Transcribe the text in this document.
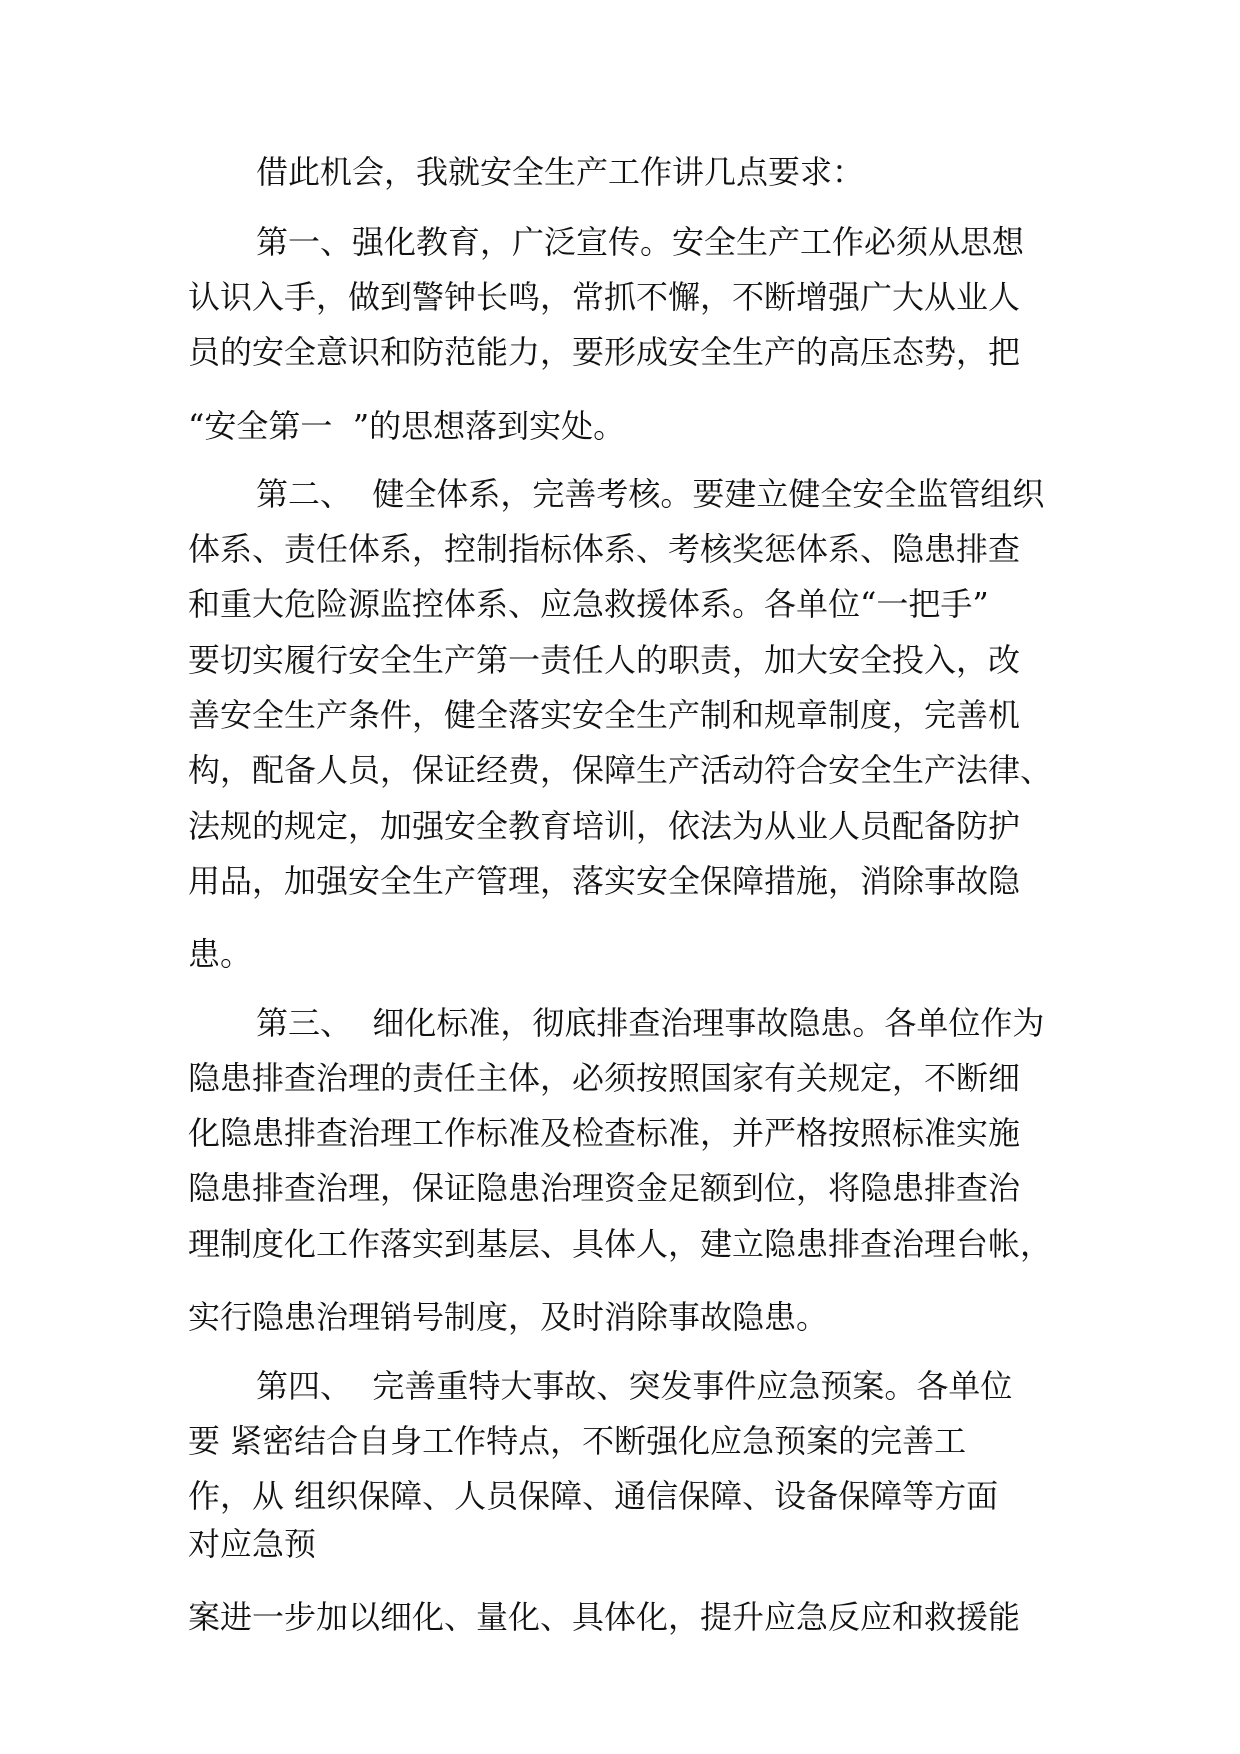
借此机会，我就安全生产工作讲几点要求：
第一、强化教育，广泛宣传。安全生产工作必须从思想
认识入手，做到警钟长鸣，常抓不懈，不断增强广大从业人
员的安全意识和防范能力，要形成安全生产的高压态势，把
“安全第一  ”的思想落到实处。
第二、  健全体系，完善考核。要建立健全安全监管组织
体系、责任体系，控制指标体系、考核奖惩体系、隐患排查
和重大危险源监控体系、应急救援体系。各单位“一把手”
要切实履行安全生产第一责任人的职责，加大安全投入，改
善安全生产条件，健全落实安全生产制和规章制度，完善机
构，配备人员，保证经费，保障生产活动符合安全生产法律、
法规的规定，加强安全教育培训，依法为从业人员配备防护
用品，加强安全生产管理，落实安全保障措施，消除事故隐
患。
第三、  细化标准，彻底排查治理事故隐患。各单位作为
隐患排查治理的责任主体，必须按照国家有关规定，不断细
化隐患排查治理工作标准及检查标准，并严格按照标准实施
隐患排查治理，保证隐患治理资金足额到位，将隐患排查治
理制度化工作落实到基层、具体人，建立隐患排查治理台帐，
实行隐患治理销号制度，及时消除事故隐患。
第四、  完善重特大事故、突发事件应急预案。各单位
要 紧密结合自身工作特点，不断强化应急预案的完善工
作，从 组织保障、人员保障、通信保障、设备保障等方面
对应急预
案进一步加以细化、量化、具体化，提升应急反应和救援能
